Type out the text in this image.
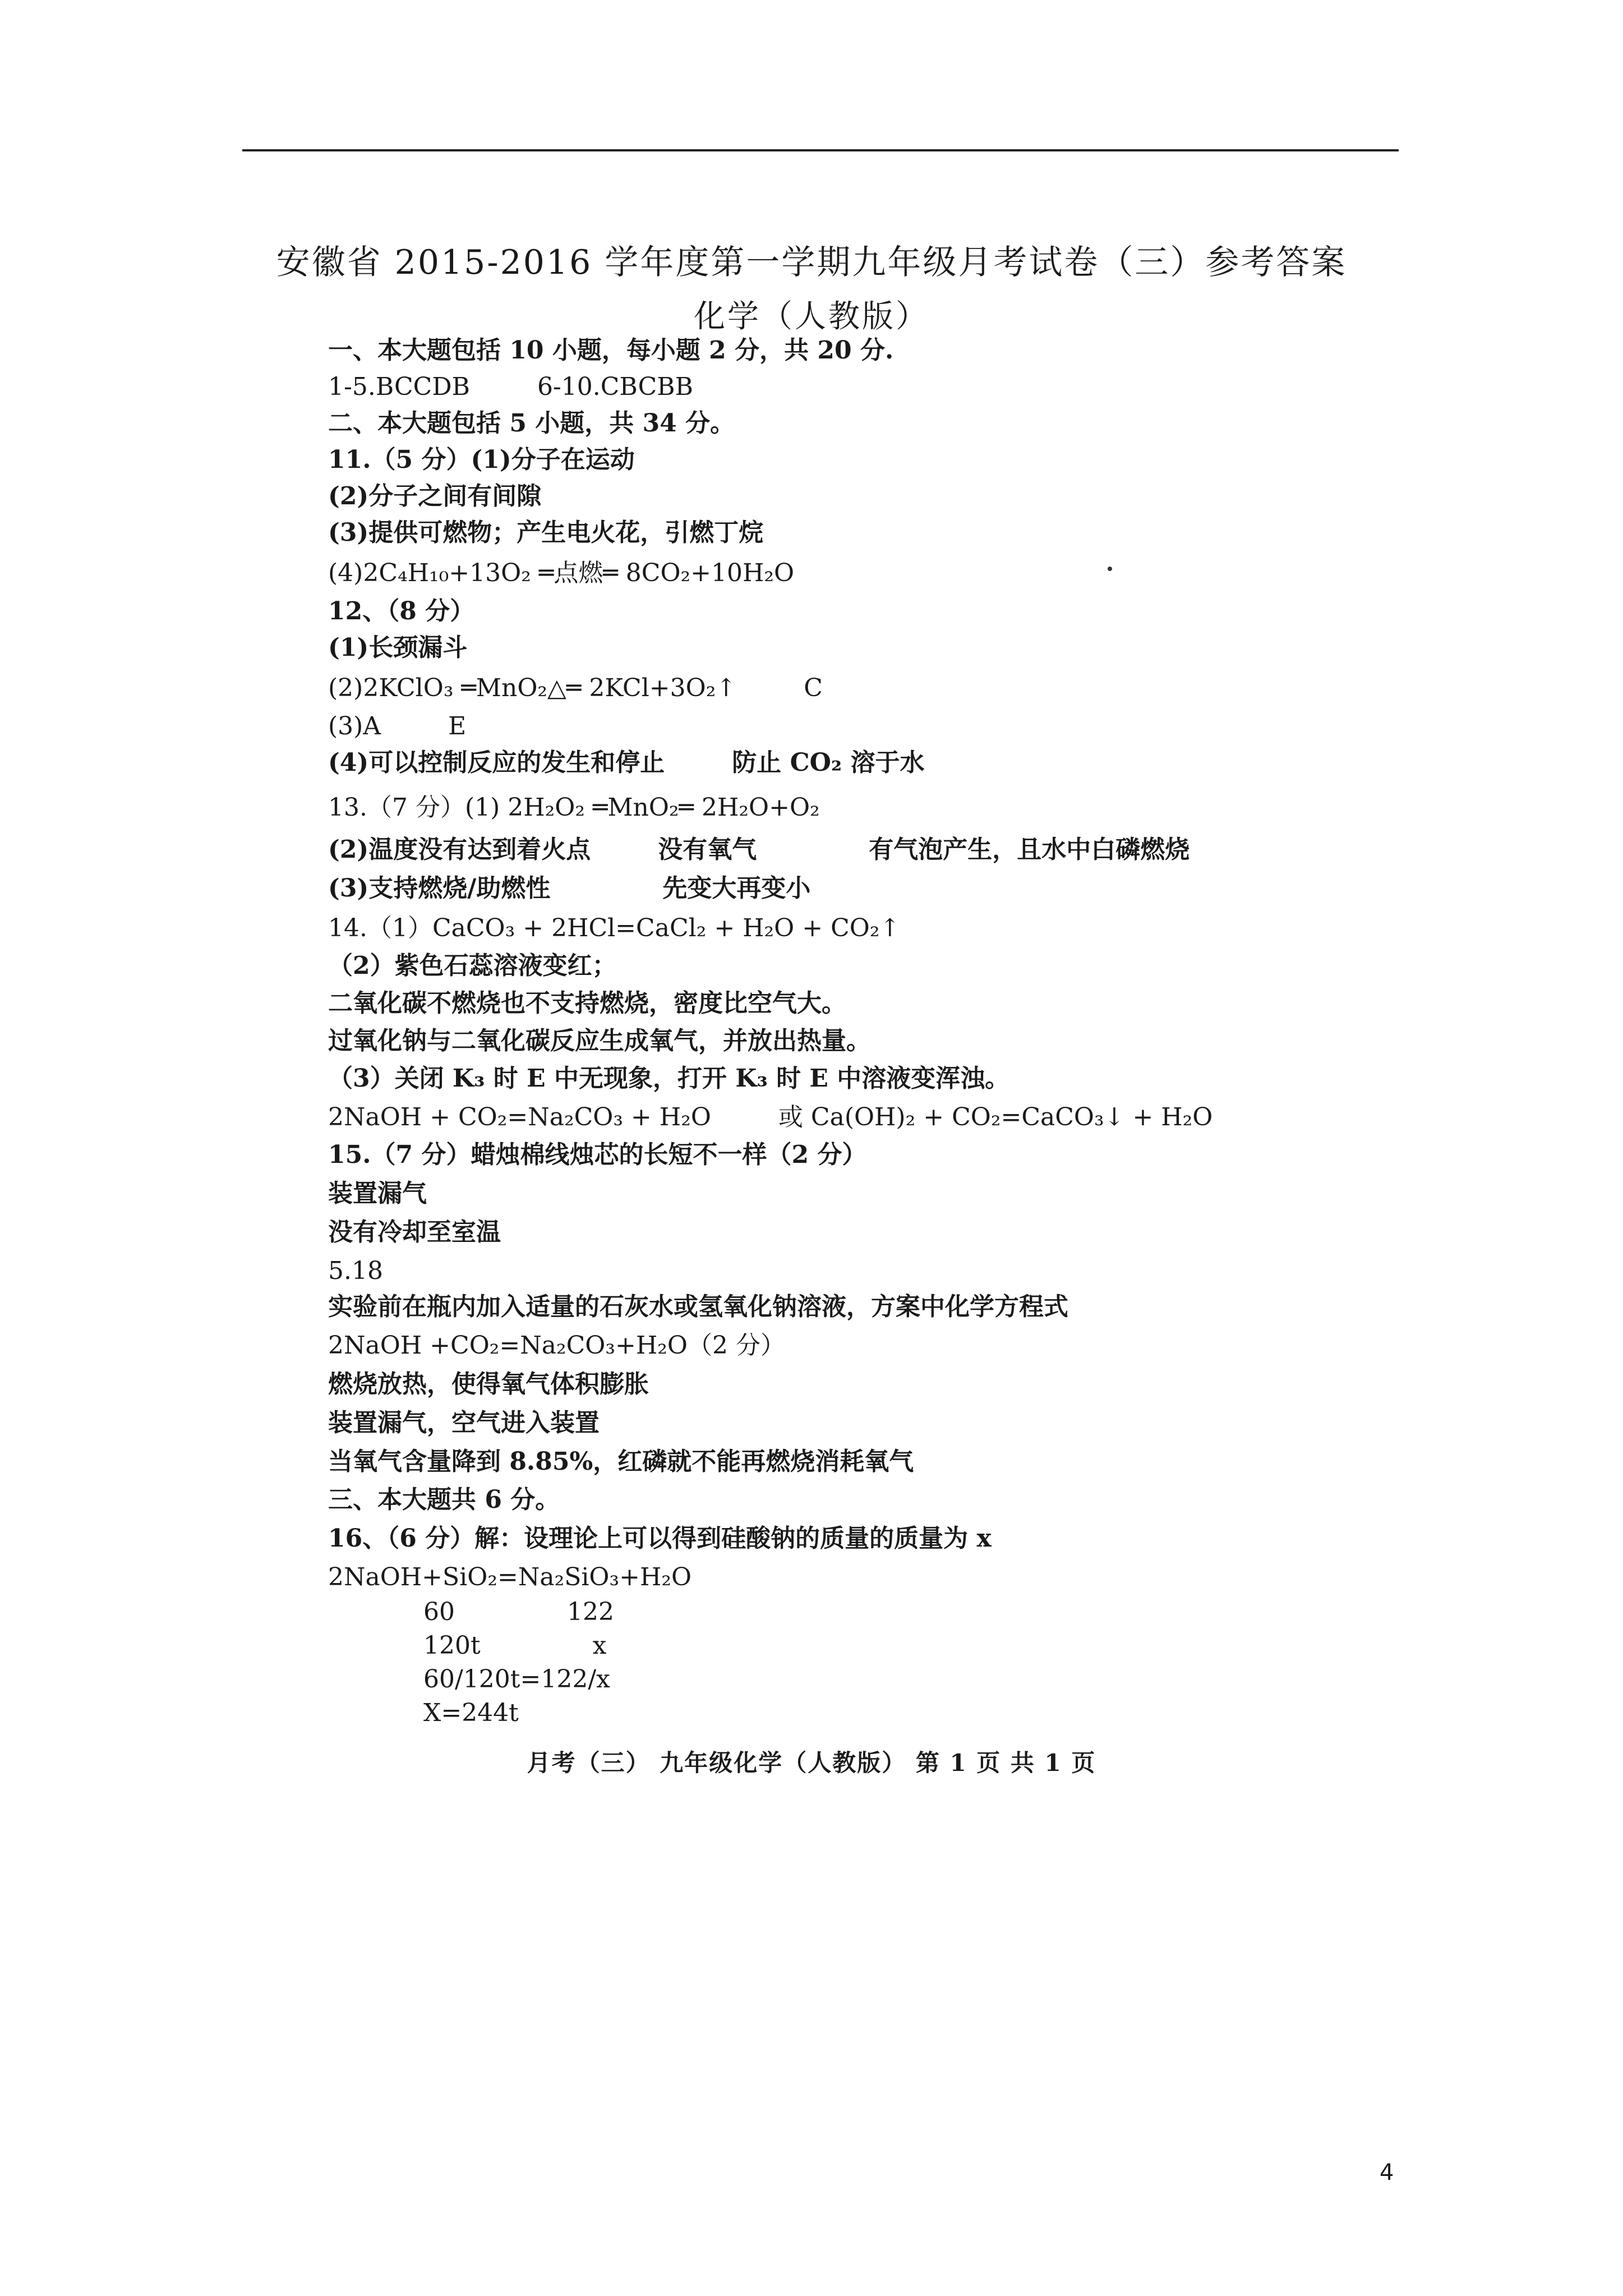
安徽省 2015-2016 学年度第一学期九年级月考试卷（三）参考答案
化学（人教版）
一、本大题包括 10 小题，每小题 2 分，共 20 分.
1-5.BCCDB	6-10.CBCBB
二、本大题包括 5 小题，共 34 分。
11.（5 分）(1)分子在运动
(2)分子之间有间隙
(3)提供可燃物；产生电火花，引燃丁烷
(4)2C₄H₁₀+13O₂ ═点燃═ 8CO₂+10H₂O
12、（8 分）
(1)长颈漏斗
(2)2KClO₃ ═MnO₂△═ 2KCl+3O₂↑	C
(3)A	E
(4)可以控制反应的发生和停止	防止 CO₂ 溶于水
13.（7 分）(1) 2H₂O₂ ═MnO₂═ 2H₂O+O₂
(2)温度没有达到着火点	没有氧气	有气泡产生，且水中白磷燃烧
(3)支持燃烧/助燃性	先变大再变小
14.（1）CaCO₃ + 2HCl=CaCl₂ + H₂O + CO₂↑
（2）紫色石蕊溶液变红；
二氧化碳不燃烧也不支持燃烧，密度比空气大。
过氧化钠与二氧化碳反应生成氧气，并放出热量。
（3）关闭 K₃ 时 E 中无现象，打开 K₃ 时 E 中溶液变浑浊。
2NaOH + CO₂=Na₂CO₃ + H₂O	或 Ca(OH)₂ + CO₂=CaCO₃↓ + H₂O
15.（7 分）蜡烛棉线烛芯的长短不一样（2 分）
装置漏气
没有冷却至室温
5.18
实验前在瓶内加入适量的石灰水或氢氧化钠溶液，方案中化学方程式
2NaOH +CO₂=Na₂CO₃+H₂O（2 分）
燃烧放热，使得氧气体积膨胀
装置漏气，空气进入装置
当氧气含量降到 8.85%，红磷就不能再燃烧消耗氧气
三、本大题共 6 分。
16、（6 分）解：设理论上可以得到硅酸钠的质量的质量为 x
2NaOH+SiO₂=Na₂SiO₃+H₂O
60	122
120t	x
60/120t=122/x
X=244t
月考（三） 九年级化学（人教版） 第 1 页 共 1 页
4
